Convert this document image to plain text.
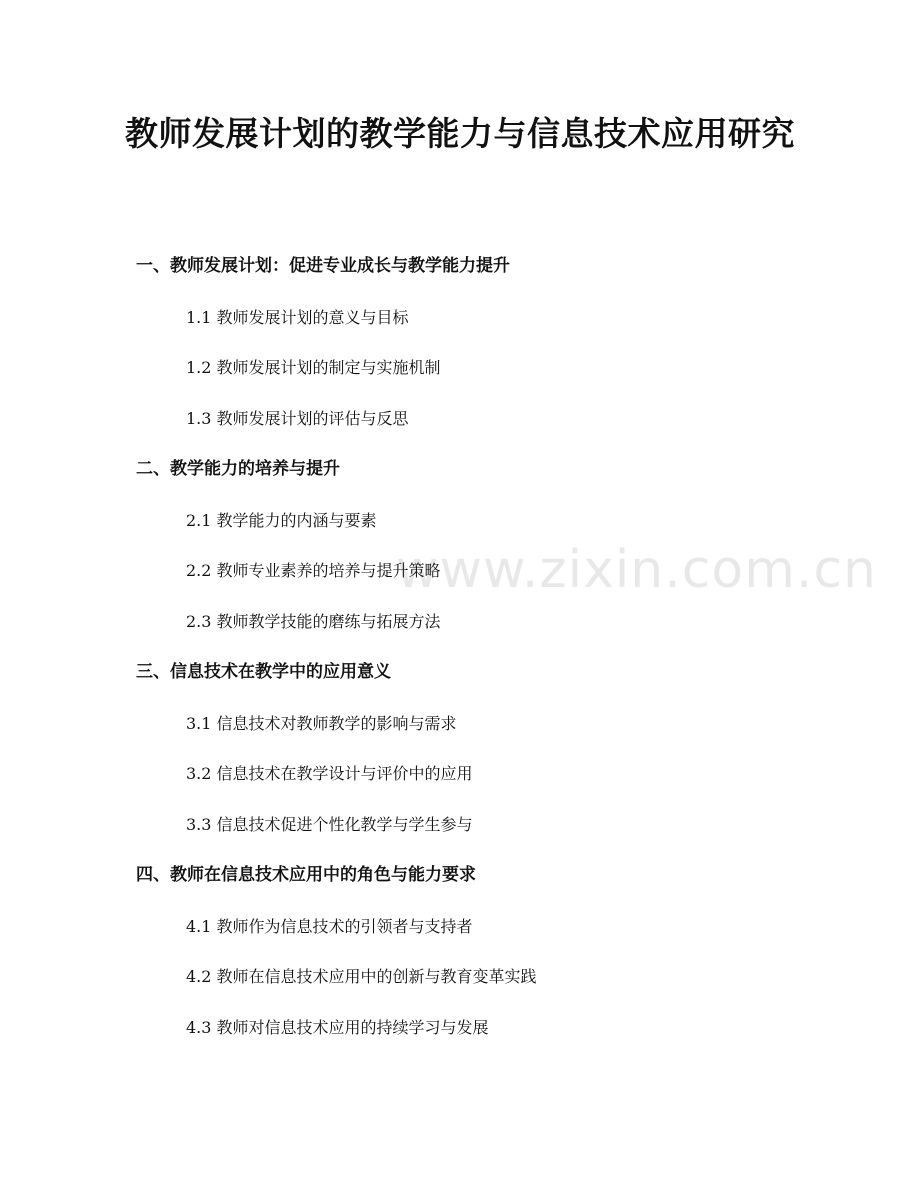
教师发展计划的教学能力与信息技术应用研究
www.zixin.com.cn
一、教师发展计划：促进专业成长与教学能力提升

1.1 教师发展计划的意义与目标

1.2 教师发展计划的制定与实施机制

1.3 教师发展计划的评估与反思

二、教学能力的培养与提升

2.1 教学能力的内涵与要素

2.2 教师专业素养的培养与提升策略

2.3 教师教学技能的磨练与拓展方法

三、信息技术在教学中的应用意义

3.1 信息技术对教师教学的影响与需求

3.2 信息技术在教学设计与评价中的应用

3.3 信息技术促进个性化教学与学生参与

四、教师在信息技术应用中的角色与能力要求

4.1 教师作为信息技术的引领者与支持者

4.2 教师在信息技术应用中的创新与教育变革实践

4.3 教师对信息技术应用的持续学习与发展
